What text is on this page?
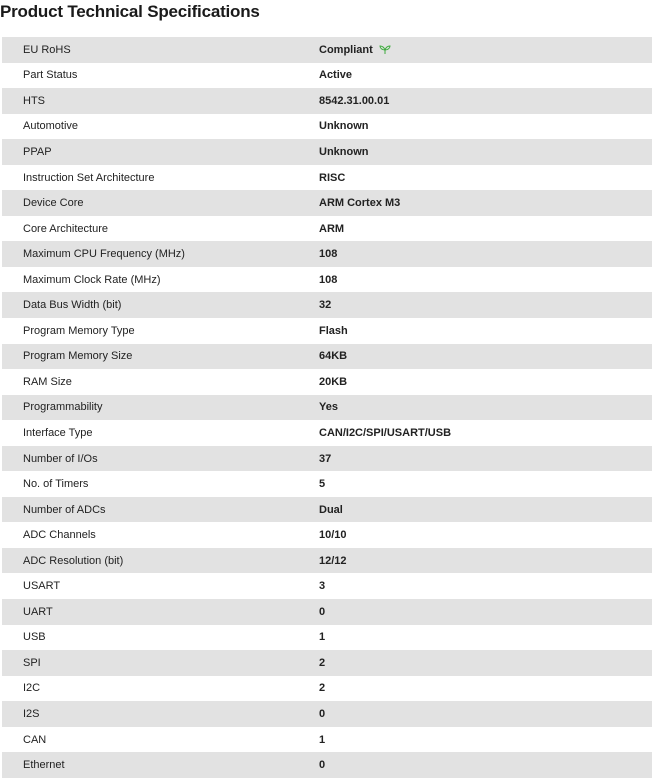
Product Technical Specifications
EU RoHS	Compliant
Part Status	Active
HTS	8542.31.00.01
Automotive	Unknown
PPAP	Unknown
Instruction Set Architecture	RISC
Device Core	ARM Cortex M3
Core Architecture	ARM
Maximum CPU Frequency (MHz)	108
Maximum Clock Rate (MHz)	108
Data Bus Width (bit)	32
Program Memory Type	Flash
Program Memory Size	64KB
RAM Size	20KB
Programmability	Yes
Interface Type	CAN/I2C/SPI/USART/USB
Number of I/Os	37
No. of Timers	5
Number of ADCs	Dual
ADC Channels	10/10
ADC Resolution (bit)	12/12
USART	3
UART	0
USB	1
SPI	2
I2C	2
I2S	0
CAN	1
Ethernet	0
